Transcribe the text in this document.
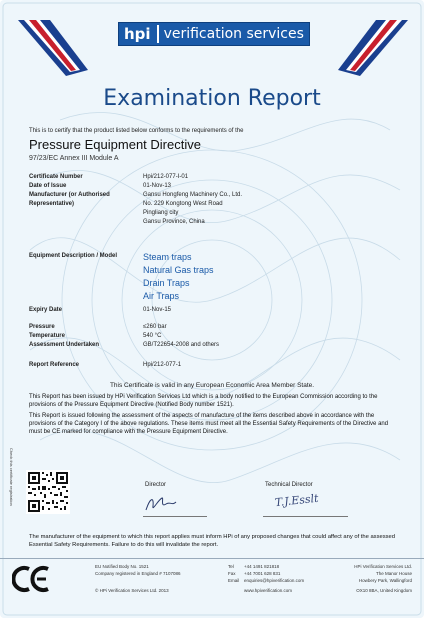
hpi verification services
Examination Report
This is to certify that the product listed below conforms to the requirements of the
Pressure Equipment Directive
97/23/EC Annex III Module A
Certificate Number	Hpi/212-077-I-01
Date of Issue	01-Nov-13
Manufacturer (or Authorised
Representative)
Gansu Hongfeng Machinery Co., Ltd.
No. 229 Kongtong West Road
Pingliang city
Gansu Province, China
Equipment Description / Model	Steam traps
Natural Gas traps
Drain Traps
Air Traps
Expiry Date	01-Nov-15
Pressure	≤260 bar
Temperature	540 °C
Assessment Undertaken	GB/T22654-2008 and others
Report Reference	Hpi/212-077-1
This Certificate is valid in any European Economic Area Member State.
This Report has been issued by HPi Verification Services Ltd which is a body notified to the European Commission according to the provisions of the Pressure Equipment Directive (Notified Body number 1521).
This Report is issued following the assessment of the aspects of manufacture of the items described above in accordance with the provisions of the Category I of the above regulations. These items must meet all the Essential Safety Requirements of the Directive and must be CE marked for compliance with the Pressure Equipment Directive.
Check this certificate registration	Director	Technical Director
T.J.Esslt
The manufacturer of the equipment to which this report applies must inform HPi of any proposed changes that could affect any of the assessed Essential Safety Requirements. Failure to do this will invalidate the report.
EU Notified Body No. 1521
Company registered in England # 7107086
© HPi Verification Services Ltd. 2013
Tel +44 1491 821818
Fax +44 7001 628 831
Email enquiries@hpiverification.com
www.hpiverification.com
HPi Verification Services Ltd.
The Manor House
Howbery Park, Wallingford
OX10 8BA, United Kingdom
